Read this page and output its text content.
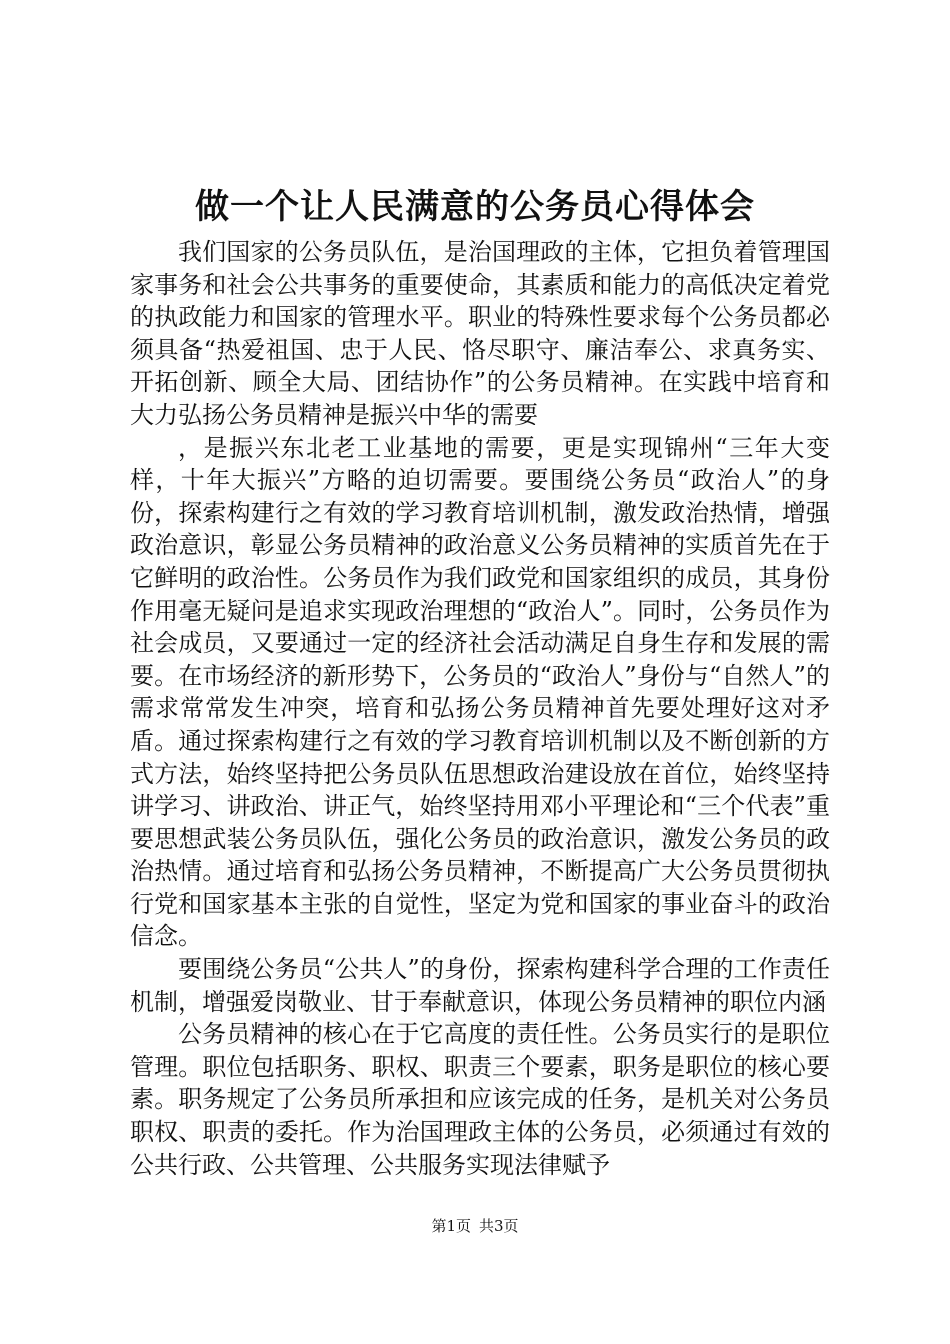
做一个让人民满意的公务员心得体会

我们国家的公务员队伍，是治国理政的主体，它担负着管理国家事务和社会公共事务的重要使命，其素质和能力的高低决定着党的执政能力和国家的管理水平。职业的特殊性要求每个公务员都必须具备“热爱祖国、忠于人民、恪尽职守、廉洁奉公、求真务实、开拓创新、顾全大局、团结协作”的公务员精神。在实践中培育和大力弘扬公务员精神是振兴中华的需要

，是振兴东北老工业基地的需要，更是实现锦州“三年大变样，十年大振兴”方略的迫切需要。要围绕公务员“政治人”的身份，探索构建行之有效的学习教育培训机制，激发政治热情，增强政治意识，彰显公务员精神的政治意义公务员精神的实质首先在于它鲜明的政治性。公务员作为我们政党和国家组织的成员，其身份作用毫无疑问是追求实现政治理想的“政治人”。同时，公务员作为社会成员，又要通过一定的经济社会活动满足自身生存和发展的需要。在市场经济的新形势下，公务员的“政治人”身份与“自然人”的需求常常发生冲突，培育和弘扬公务员精神首先要处理好这对矛盾。通过探索构建行之有效的学习教育培训机制以及不断创新的方式方法，始终坚持把公务员队伍思想政治建设放在首位，始终坚持讲学习、讲政治、讲正气，始终坚持用邓小平理论和“三个代表”重要思想武装公务员队伍，强化公务员的政治意识，激发公务员的政治热情。通过培育和弘扬公务员精神，不断提高广大公务员贯彻执行党和国家基本主张的自觉性，坚定为党和国家的事业奋斗的政治信念。

要围绕公务员“公共人”的身份，探索构建科学合理的工作责任机制，增强爱岗敬业、甘于奉献意识，体现公务员精神的职位内涵

公务员精神的核心在于它高度的责任性。公务员实行的是职位管理。职位包括职务、职权、职责三个要素，职务是职位的核心要素。职务规定了公务员所承担和应该完成的任务，是机关对公务员职权、职责的委托。作为治国理政主体的公务员，必须通过有效的公共行政、公共管理、公共服务实现法律赋予

第1页 共3页
